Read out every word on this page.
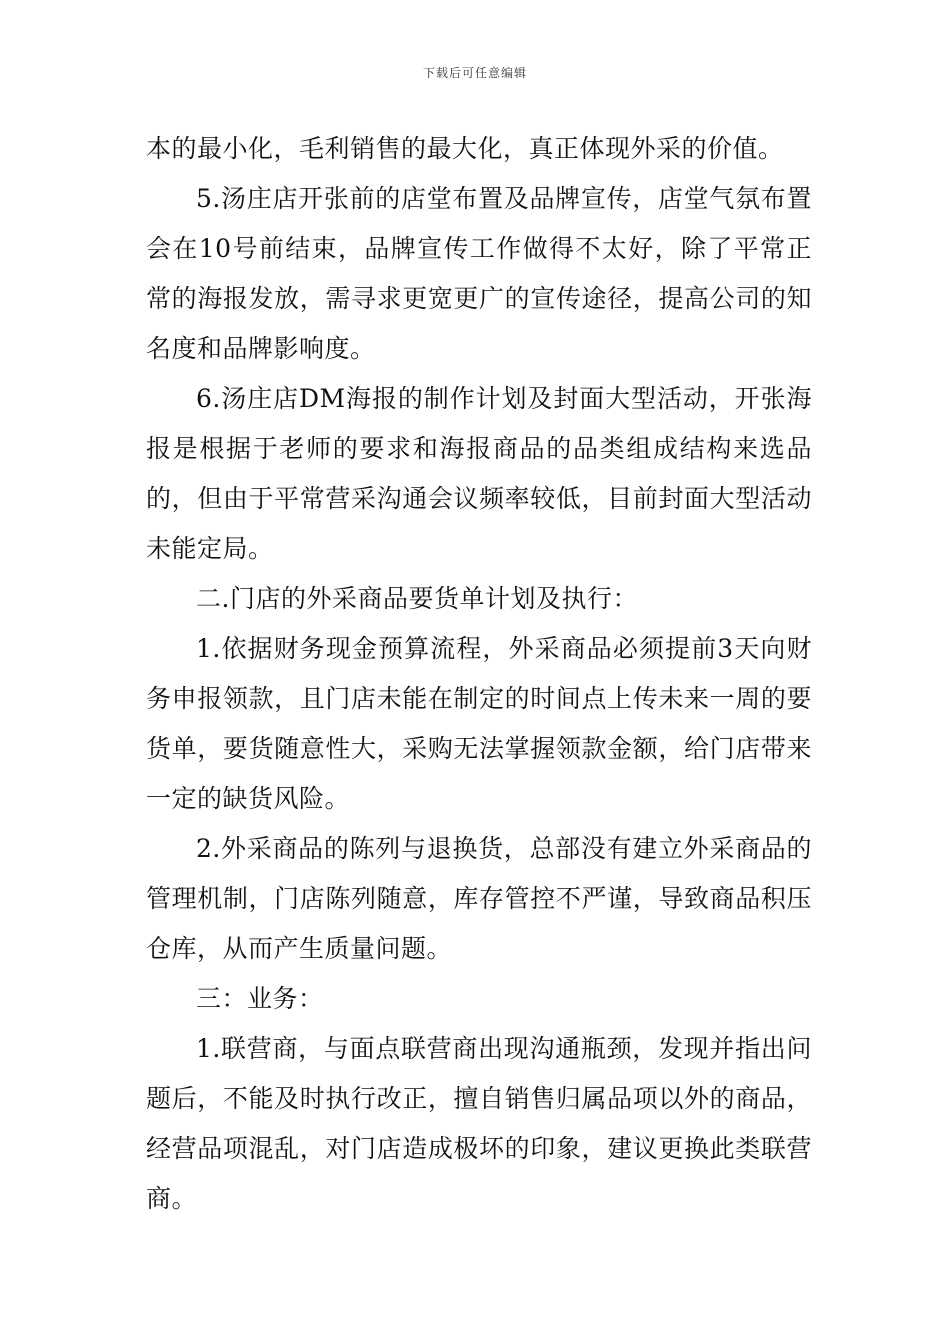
下载后可任意编辑

本的最小化，毛利销售的最大化，真正体现外采的价值。

5.汤庄店开张前的店堂布置及品牌宣传，店堂气氛布置会在10号前结束，品牌宣传工作做得不太好，除了平常正常的海报发放，需寻求更宽更广的宣传途径，提高公司的知名度和品牌影响度。

6.汤庄店DM海报的制作计划及封面大型活动，开张海报是根据于老师的要求和海报商品的品类组成结构来选品的，但由于平常营采沟通会议频率较低，目前封面大型活动未能定局。

二.门店的外采商品要货单计划及执行：

1.依据财务现金预算流程，外采商品必须提前3天向财务申报领款，且门店未能在制定的时间点上传未来一周的要货单，要货随意性大，采购无法掌握领款金额，给门店带来一定的缺货风险。

2.外采商品的陈列与退换货，总部没有建立外采商品的管理机制，门店陈列随意，库存管控不严谨，导致商品积压仓库，从而产生质量问题。

三：业务：

1.联营商，与面点联营商出现沟通瓶颈，发现并指出问题后，不能及时执行改正，擅自销售归属品项以外的商品，经营品项混乱，对门店造成极坏的印象，建议更换此类联营商。
